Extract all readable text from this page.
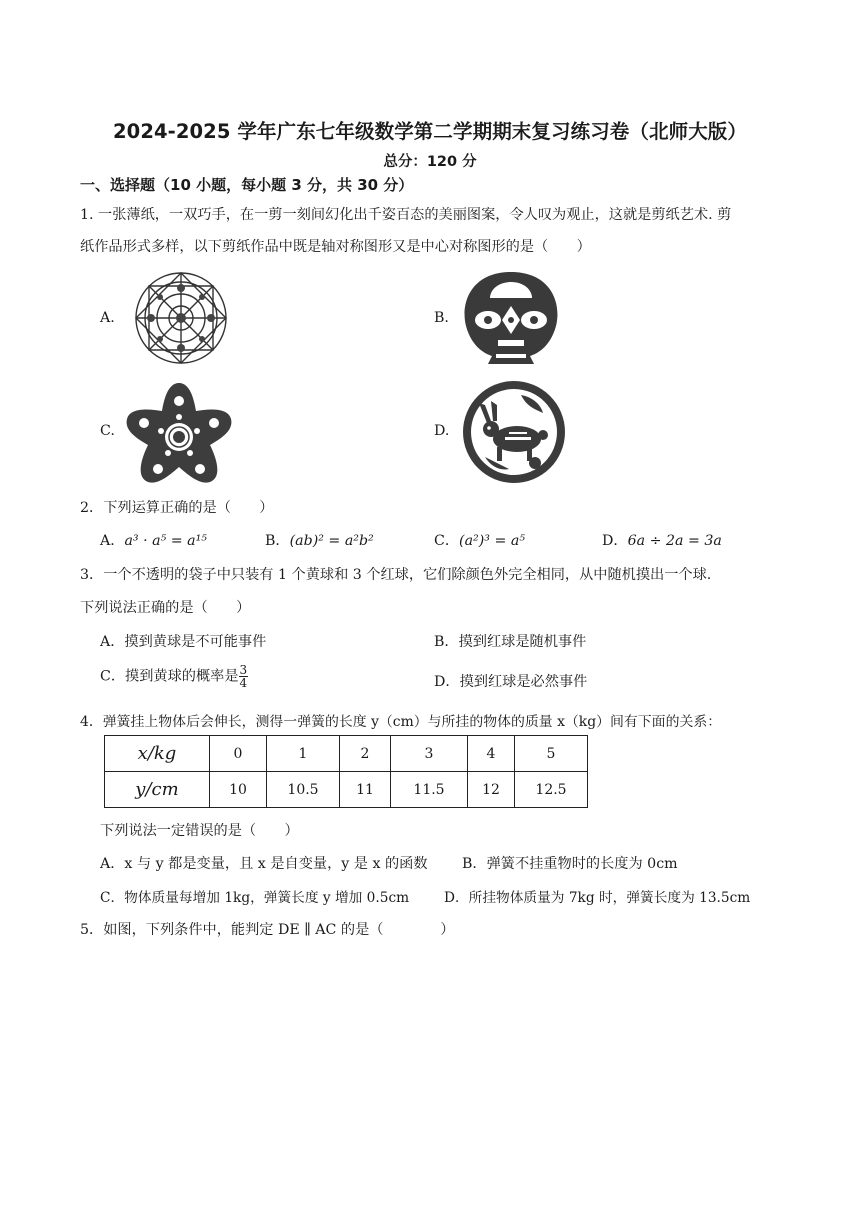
2024-2025 学年广东七年级数学第二学期期末复习练习卷（北师大版）
总分：120 分
一、选择题（10 小题，每小题 3 分，共 30 分）
1. 一张薄纸，一双巧手，在一剪一刻间幻化出千姿百态的美丽图案，令人叹为观止，这就是剪纸艺术. 剪
纸作品形式多样，以下剪纸作品中既是轴对称图形又是中心对称图形的是（　　）
A.	B.
C.	D.
2．下列运算正确的是（　　）
A．a³ · a⁵ = a¹⁵	B．(ab)² = a²b²	C．(a²)³ = a⁵	D．6a ÷ 2a = 3a
3．一个不透明的袋子中只装有 1 个黄球和 3 个红球，它们除颜色外完全相同，从中随机摸出一个球.
下列说法正确的是（　　）
A．摸到黄球是不可能事件	B．摸到红球是随机事件
C．摸到黄球的概率是 $\frac{3}{4}$	D．摸到红球是必然事件
4．弹簧挂上物体后会伸长，测得一弹簧的长度 y（cm）与所挂的物体的质量 x（kg）间有下面的关系：
x/kg	0	1	2	3	4	5
y/cm	10	10.5	11	11.5	12	12.5
下列说法一定错误的是（　　）
A．x 与 y 都是变量，且 x 是自变量，y 是 x 的函数 B．弹簧不挂重物时的长度为 0cm
C．物体质量每增加 1kg，弹簧长度 y 增加 0.5cm	D．所挂物体质量为 7kg 时，弹簧长度为 13.5cm
5．如图，下列条件中，能判定 DE ∥ AC 的是（　　　　）
